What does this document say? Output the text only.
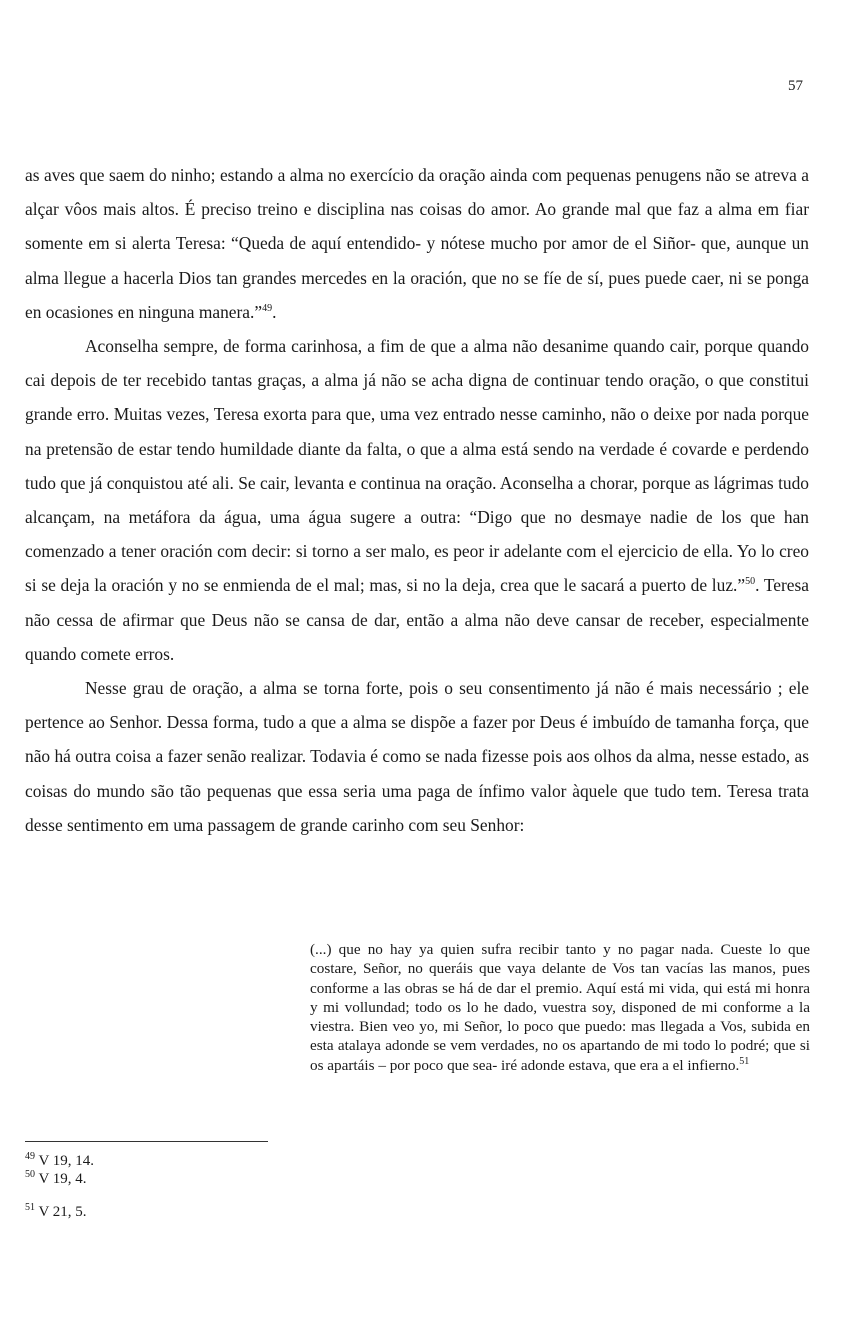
57

as aves que saem do ninho; estando a alma no exercício da oração ainda com pequenas penugens não se atreva a alçar vôos mais altos. É preciso treino e disciplina nas coisas do amor. Ao grande mal que faz a alma em fiar somente em si alerta Teresa: “Queda de aquí entendido- y nótese mucho por amor de el Siñor- que, aunque un alma llegue a hacerla Dios tan grandes mercedes en la oración, que no se fíe de sí, pues puede caer, ni se ponga en ocasiones en ninguna manera.”$^{49}$.

Aconselha sempre, de forma carinhosa, a fim de que a alma não desanime quando cair, porque quando cai depois de ter recebido tantas graças, a alma já não se acha digna de continuar tendo oração, o que constitui grande erro. Muitas vezes, Teresa exorta para que, uma vez entrado nesse caminho, não o deixe por nada porque na pretensão de estar tendo humildade diante da falta, o que a alma está sendo na verdade é covarde e perdendo tudo que já conquistou até ali. Se cair, levanta e continua na oração. Aconselha a chorar, porque as lágrimas tudo alcançam, na metáfora da água, uma água sugere a outra: “Digo que no desmaye nadie de los que han comenzado a tener oración com decir: si torno a ser malo, es peor ir adelante com el ejercicio de ella. Yo lo creo si se deja la oración y no se enmienda de el mal; mas, si no la deja, crea que le sacará a puerto de luz.”$^{50}$. Teresa não cessa de afirmar que Deus não se cansa de dar, então a alma não deve cansar de receber, especialmente quando comete erros.

Nesse grau de oração, a alma se torna forte, pois o seu consentimento já não é mais necessário ; ele pertence ao Senhor. Dessa forma, tudo a que a alma se dispõe a fazer por Deus é imbuído de tamanha força, que não há outra coisa a fazer senão realizar. Todavia é como se nada fizesse pois aos olhos da alma, nesse estado, as coisas do mundo são tão pequenas que essa seria uma paga de ínfimo valor àquele que tudo tem. Teresa trata desse sentimento em uma passagem de grande carinho com seu Senhor:

(...) que no hay ya quien sufra recibir tanto y no pagar nada. Cueste lo que costare, Señor, no queráis que vaya delante de Vos tan vacías las manos, pues conforme a las obras se há de dar el premio. Aquí está mi vida, qui está mi honra y mi vollundad; todo os lo he dado, vuestra soy, disponed de mi conforme a la viestra. Bien veo yo, mi Señor, lo poco que puedo: mas llegada a Vos, subida en esta atalaya adonde se vem verdades, no os apartando de mi todo lo podré; que si os apartáis – por poco que sea- iré adonde estava, que era a el infierno.$^{51}$
$^{49}$ V 19, 14.
$^{50}$ V 19, 4.
$^{51}$ V 21, 5.
